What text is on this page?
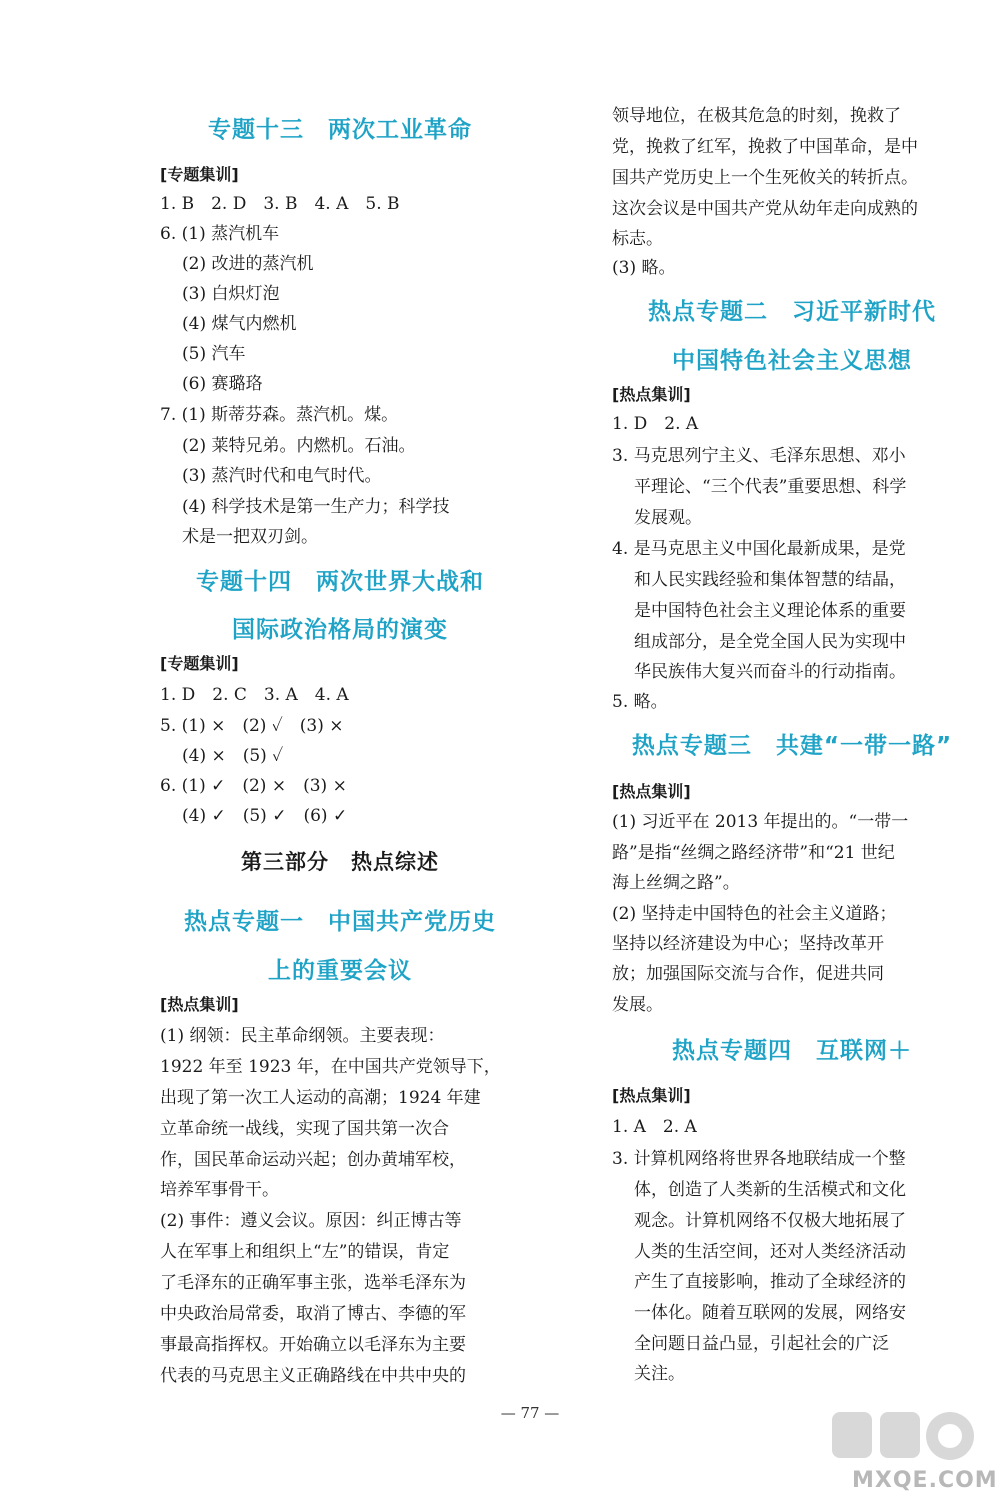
专题十三　两次工业革命
[专题集训]
1. B　2. D　3. B　4. A　5. B
6. (1) 蒸汽机车
(2) 改进的蒸汽机
(3) 白炽灯泡
(4) 煤气内燃机
(5) 汽车
(6) 赛璐珞
7. (1) 斯蒂芬森。蒸汽机。煤。
(2) 莱特兄弟。内燃机。石油。
(3) 蒸汽时代和电气时代。
(4) 科学技术是第一生产力；科学技
术是一把双刃剑。
专题十四　两次世界大战和
国际政治格局的演变
[专题集训]
1. D　2. C　3. A　4. A
5. (1) ×　(2) ✓　(3) ×
(4) ×　(5) ✓
6. (1) ✓　(2) ×　(3) ×
(4) ✓　(5) ✓　(6) ✓
第三部分　热点综述
热点专题一　中国共产党历史
上的重要会议
[热点集训]
(1) 纲领：民主革命纲领。主要表现：
1922 年至 1923 年，在中国共产党领导下，
出现了第一次工人运动的高潮；1924 年建
立革命统一战线，实现了国共第一次合
作，国民革命运动兴起；创办黄埔军校，
培养军事骨干。
(2) 事件：遵义会议。原因：纠正博古等
人在军事上和组织上“左”的错误，肯定
了毛泽东的正确军事主张，选举毛泽东为
中央政治局常委，取消了博古、李德的军
事最高指挥权。开始确立以毛泽东为主要
代表的马克思主义正确路线在中共中央的
领导地位，在极其危急的时刻，挽救了
党，挽救了红军，挽救了中国革命，是中
国共产党历史上一个生死攸关的转折点。
这次会议是中国共产党从幼年走向成熟的
标志。
(3) 略。
热点专题二　习近平新时代
中国特色社会主义思想
[热点集训]
1. D　2. A
3. 马克思列宁主义、毛泽东思想、邓小
平理论、“三个代表”重要思想、科学
发展观。
4. 是马克思主义中国化最新成果，是党
和人民实践经验和集体智慧的结晶，
是中国特色社会主义理论体系的重要
组成部分，是全党全国人民为实现中
华民族伟大复兴而奋斗的行动指南。
5. 略。
热点专题三　共建“一带一路”
[热点集训]
(1) 习近平在 2013 年提出的。“一带一
路”是指“丝绸之路经济带”和“21 世纪
海上丝绸之路”。
(2) 坚持走中国特色的社会主义道路；
坚持以经济建设为中心；坚持改革开
放；加强国际交流与合作，促进共同
发展。
热点专题四　互联网＋
[热点集训]
1. A　2. A
3. 计算机网络将世界各地联结成一个整
体，创造了人类新的生活模式和文化
观念。计算机网络不仅极大地拓展了
人类的生活空间，还对人类经济活动
产生了直接影响，推动了全球经济的
一体化。随着互联网的发展，网络安
全问题日益凸显，引起社会的广泛
关注。
— 77 —
MXQE.COM
